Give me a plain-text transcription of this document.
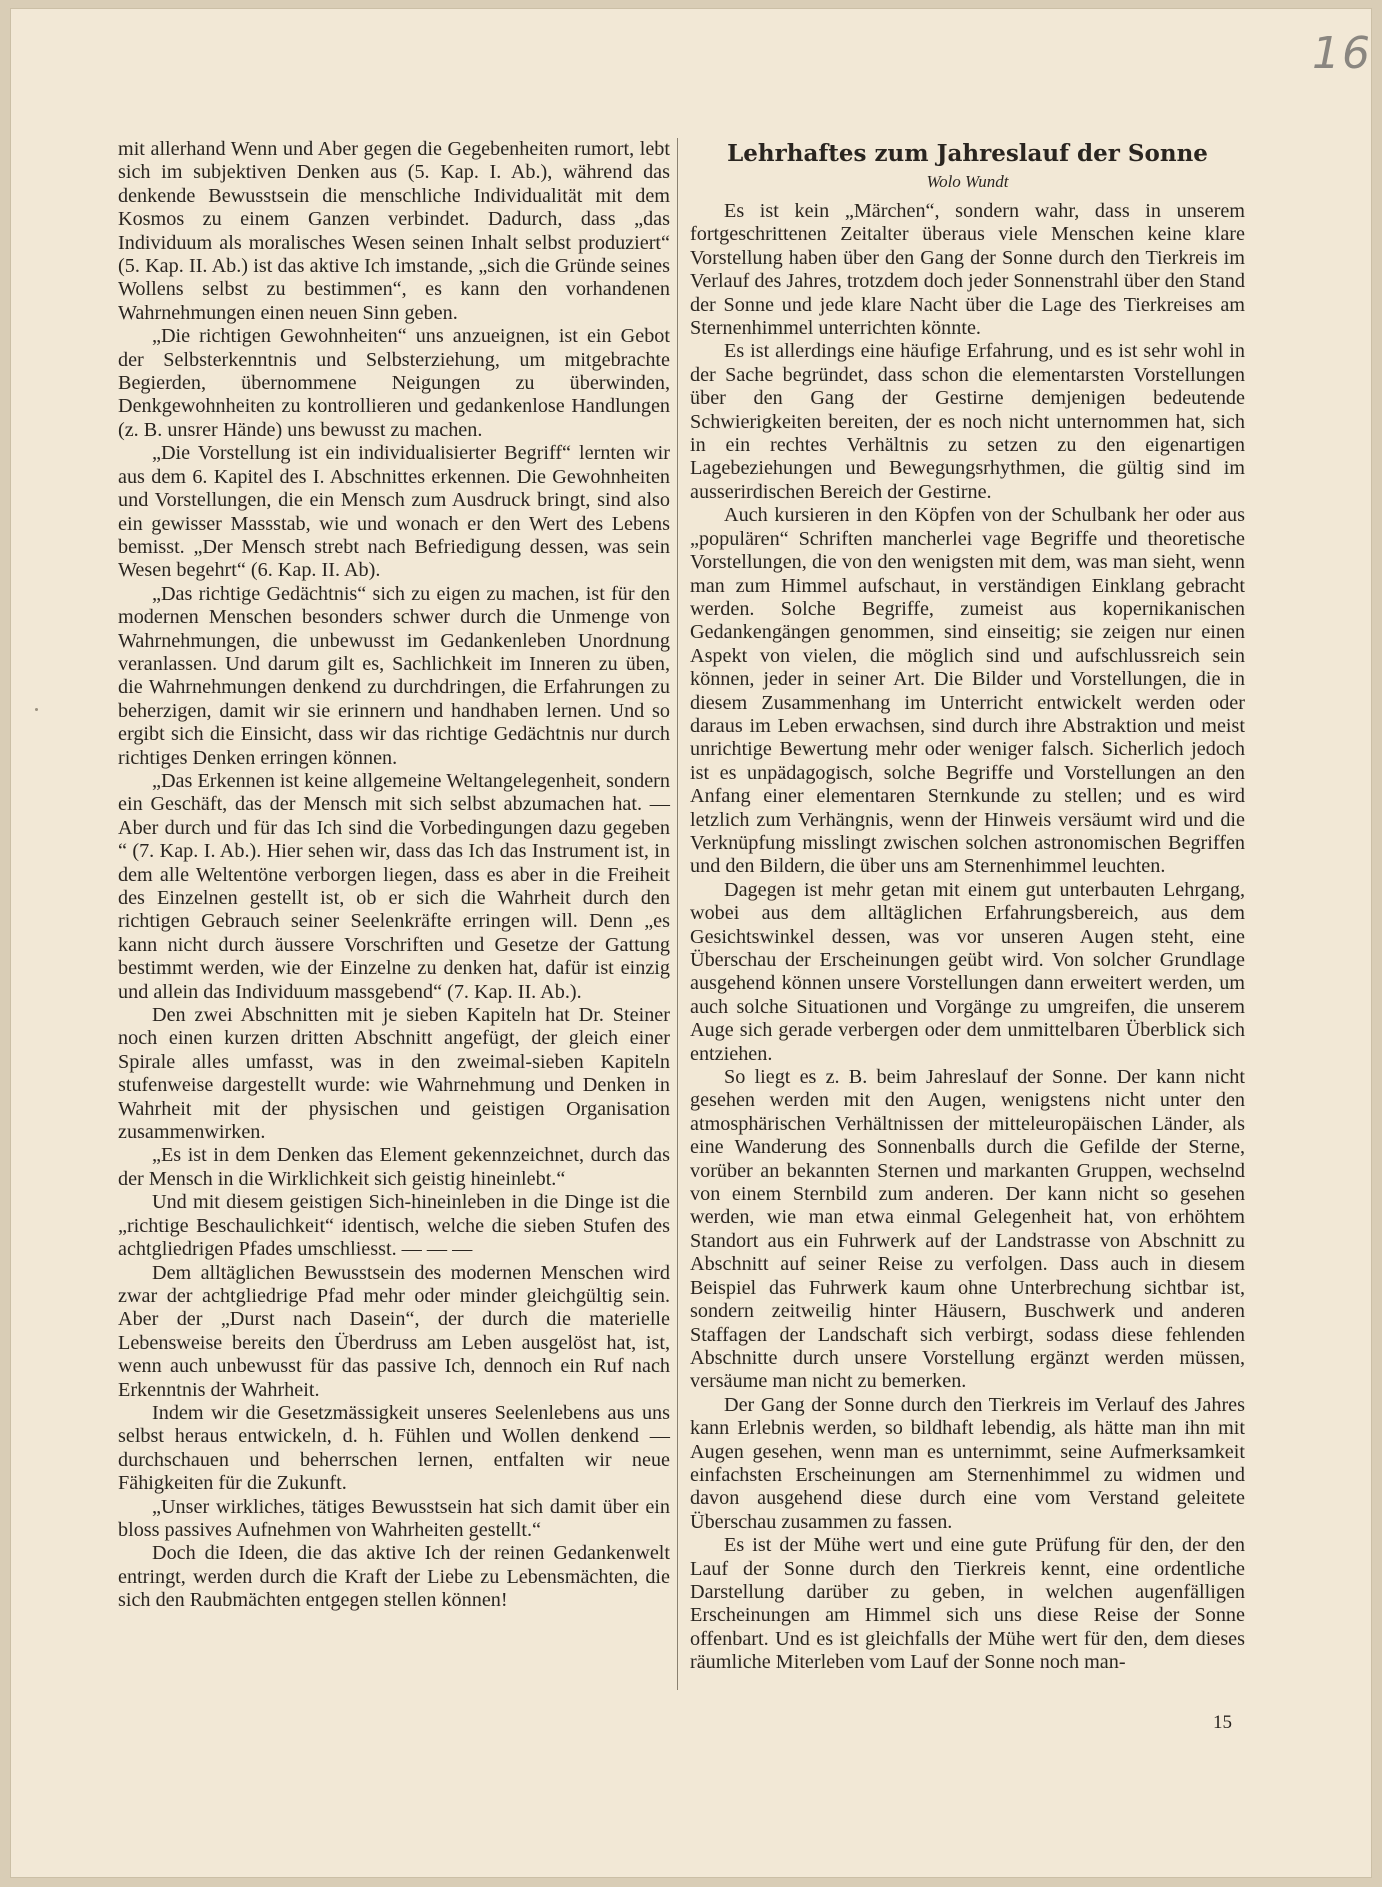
16

mit allerhand Wenn und Aber gegen die Gegebenheiten rumort, lebt sich im subjektiven Denken aus (5. Kap. I. Ab.), während das denkende Bewusstsein die menschliche Individualität mit dem Kosmos zu einem Ganzen verbindet. Dadurch, dass „das Individuum als moralisches Wesen seinen Inhalt selbst produziert“ (5. Kap. II. Ab.) ist das aktive Ich imstande, „sich die Gründe seines Wollens selbst zu bestimmen“, es kann den vorhandenen Wahrnehmungen einen neuen Sinn geben.

„Die richtigen Gewohnheiten“ uns anzueignen, ist ein Gebot der Selbsterkenntnis und Selbsterziehung, um mitgebrachte Begierden, übernommene Neigungen zu überwinden, Denkgewohnheiten zu kontrollieren und gedankenlose Handlungen (z. B. unsrer Hände) uns bewusst zu machen.

„Die Vorstellung ist ein individualisierter Begriff“ lernten wir aus dem 6. Kapitel des I. Abschnittes erkennen. Die Gewohnheiten und Vorstellungen, die ein Mensch zum Ausdruck bringt, sind also ein gewisser Massstab, wie und wonach er den Wert des Lebens bemisst. „Der Mensch strebt nach Befriedigung dessen, was sein Wesen begehrt“ (6. Kap. II. Ab).

„Das richtige Gedächtnis“ sich zu eigen zu machen, ist für den modernen Menschen besonders schwer durch die Unmenge von Wahrnehmungen, die unbewusst im Gedankenleben Unordnung veranlassen. Und darum gilt es, Sachlichkeit im Inneren zu üben, die Wahrnehmungen denkend zu durchdringen, die Erfahrungen zu beherzigen, damit wir sie erinnern und handhaben lernen. Und so ergibt sich die Einsicht, dass wir das richtige Gedächtnis nur durch richtiges Denken erringen können.

„Das Erkennen ist keine allgemeine Weltangelegenheit, sondern ein Geschäft, das der Mensch mit sich selbst abzumachen hat. — Aber durch und für das Ich sind die Vorbedingungen dazu gegeben “ (7. Kap. I. Ab.). Hier sehen wir, dass das Ich das Instrument ist, in dem alle Weltentöne verborgen liegen, dass es aber in die Freiheit des Einzelnen gestellt ist, ob er sich die Wahrheit durch den richtigen Gebrauch seiner Seelenkräfte erringen will. Denn „es kann nicht durch äussere Vorschriften und Gesetze der Gattung bestimmt werden, wie der Einzelne zu denken hat, dafür ist einzig und allein das Individuum massgebend“ (7. Kap. II. Ab.).

Den zwei Abschnitten mit je sieben Kapiteln hat Dr. Steiner noch einen kurzen dritten Abschnitt angefügt, der gleich einer Spirale alles umfasst, was in den zweimal-sieben Kapiteln stufenweise dargestellt wurde: wie Wahrnehmung und Denken in Wahrheit mit der physischen und geistigen Organisation zusammenwirken.

„Es ist in dem Denken das Element gekennzeichnet, durch das der Mensch in die Wirklichkeit sich geistig hineinlebt.“

Und mit diesem geistigen Sich-hineinleben in die Dinge ist die „richtige Beschaulichkeit“ identisch, welche die sieben Stufen des achtgliedrigen Pfades umschliesst. — — —

Dem alltäglichen Bewusstsein des modernen Menschen wird zwar der achtgliedrige Pfad mehr oder minder gleichgültig sein. Aber der „Durst nach Dasein“, der durch die materielle Lebensweise bereits den Überdruss am Leben ausgelöst hat, ist, wenn auch unbewusst für das passive Ich, dennoch ein Ruf nach Erkenntnis der Wahrheit.

Indem wir die Gesetzmässigkeit unseres Seelenlebens aus uns selbst heraus entwickeln, d. h. Fühlen und Wollen denkend — durchschauen und beherrschen lernen, entfalten wir neue Fähigkeiten für die Zukunft.

„Unser wirkliches, tätiges Bewusstsein hat sich damit über ein bloss passives Aufnehmen von Wahrheiten gestellt.“

Doch die Ideen, die das aktive Ich der reinen Gedankenwelt entringt, werden durch die Kraft der Liebe zu Lebensmächten, die sich den Raubmächten entgegen stellen können!

Lehrhaftes zum Jahreslauf der Sonne
Wolo Wundt

Es ist kein „Märchen“, sondern wahr, dass in unserem fortgeschrittenen Zeitalter überaus viele Menschen keine klare Vorstellung haben über den Gang der Sonne durch den Tierkreis im Verlauf des Jahres, trotzdem doch jeder Sonnenstrahl über den Stand der Sonne und jede klare Nacht über die Lage des Tierkreises am Sternenhimmel unterrichten könnte.

Es ist allerdings eine häufige Erfahrung, und es ist sehr wohl in der Sache begründet, dass schon die elementarsten Vorstellungen über den Gang der Gestirne demjenigen bedeutende Schwierigkeiten bereiten, der es noch nicht unternommen hat, sich in ein rechtes Verhältnis zu setzen zu den eigenartigen Lagebeziehungen und Bewegungsrhythmen, die gültig sind im ausserirdischen Bereich der Gestirne.

Auch kursieren in den Köpfen von der Schulbank her oder aus „populären“ Schriften mancherlei vage Begriffe und theoretische Vorstellungen, die von den wenigsten mit dem, was man sieht, wenn man zum Himmel aufschaut, in verständigen Einklang gebracht werden. Solche Begriffe, zumeist aus kopernikanischen Gedankengängen genommen, sind einseitig; sie zeigen nur einen Aspekt von vielen, die möglich sind und aufschlussreich sein können, jeder in seiner Art. Die Bilder und Vorstellungen, die in diesem Zusammenhang im Unterricht entwickelt werden oder daraus im Leben erwachsen, sind durch ihre Abstraktion und meist unrichtige Bewertung mehr oder weniger falsch. Sicherlich jedoch ist es unpädagogisch, solche Begriffe und Vorstellungen an den Anfang einer elementaren Sternkunde zu stellen; und es wird letzlich zum Verhängnis, wenn der Hinweis versäumt wird und die Verknüpfung misslingt zwischen solchen astronomischen Begriffen und den Bildern, die über uns am Sternenhimmel leuchten.

Dagegen ist mehr getan mit einem gut unterbauten Lehrgang, wobei aus dem alltäglichen Erfahrungsbereich, aus dem Gesichtswinkel dessen, was vor unseren Augen steht, eine Überschau der Erscheinungen geübt wird. Von solcher Grundlage ausgehend können unsere Vorstellungen dann erweitert werden, um auch solche Situationen und Vorgänge zu umgreifen, die unserem Auge sich gerade verbergen oder dem unmittelbaren Überblick sich entziehen.

So liegt es z. B. beim Jahreslauf der Sonne. Der kann nicht gesehen werden mit den Augen, wenigstens nicht unter den atmosphärischen Verhältnissen der mitteleuropäischen Länder, als eine Wanderung des Sonnenballs durch die Gefilde der Sterne, vorüber an bekannten Sternen und markanten Gruppen, wechselnd von einem Sternbild zum anderen. Der kann nicht so gesehen werden, wie man etwa einmal Gelegenheit hat, von erhöhtem Standort aus ein Fuhrwerk auf der Landstrasse von Abschnitt zu Abschnitt auf seiner Reise zu verfolgen. Dass auch in diesem Beispiel das Fuhrwerk kaum ohne Unterbrechung sichtbar ist, sondern zeitweilig hinter Häusern, Buschwerk und anderen Staffagen der Landschaft sich verbirgt, sodass diese fehlenden Abschnitte durch unsere Vorstellung ergänzt werden müssen, versäume man nicht zu bemerken.

Der Gang der Sonne durch den Tierkreis im Verlauf des Jahres kann Erlebnis werden, so bildhaft lebendig, als hätte man ihn mit Augen gesehen, wenn man es unternimmt, seine Aufmerksamkeit einfachsten Erscheinungen am Sternenhimmel zu widmen und davon ausgehend diese durch eine vom Verstand geleitete Überschau zusammen zu fassen.

Es ist der Mühe wert und eine gute Prüfung für den, der den Lauf der Sonne durch den Tierkreis kennt, eine ordentliche Darstellung darüber zu geben, in welchen augenfälligen Erscheinungen am Himmel sich uns diese Reise der Sonne offenbart. Und es ist gleichfalls der Mühe wert für den, dem dieses räumliche Miterleben vom Lauf der Sonne noch man-

15
